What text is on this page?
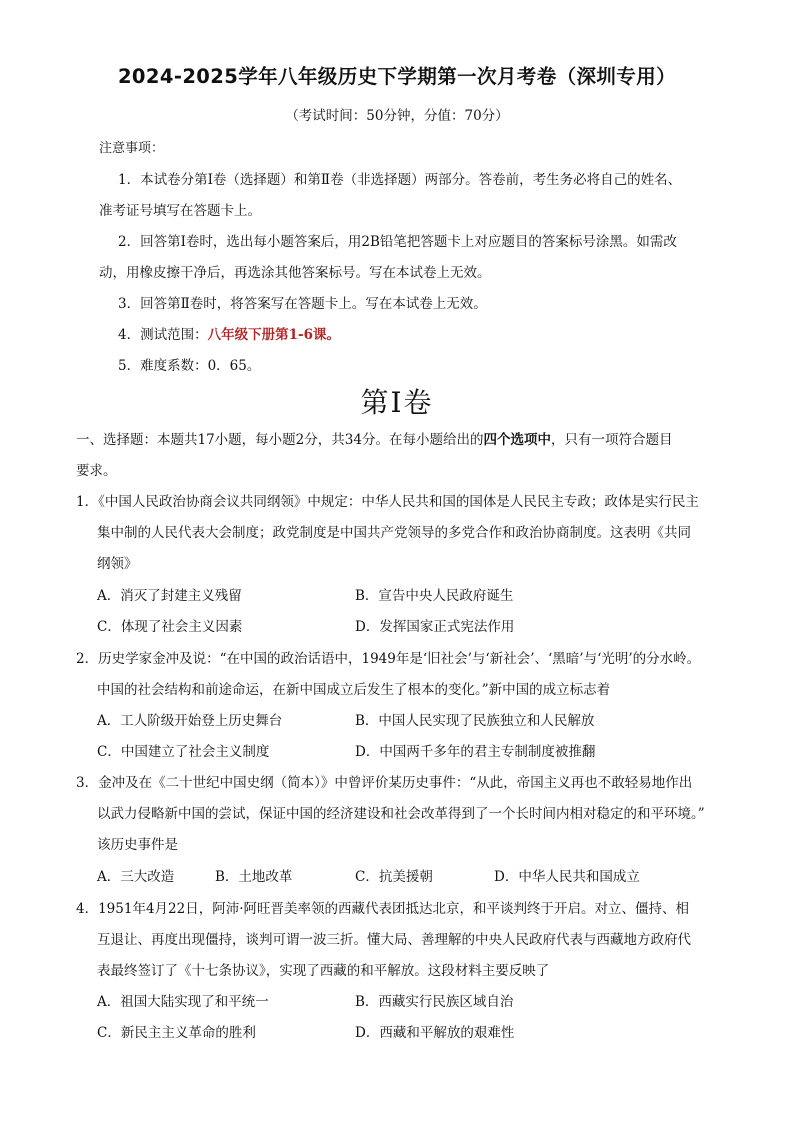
2024-2025学年八年级历史下学期第一次月考卷（深圳专用）
（考试时间：50分钟，分值：70分）
注意事项：
1．本试卷分第Ⅰ卷（选择题）和第Ⅱ卷（非选择题）两部分。答卷前，考生务必将自己的姓名、
准考证号填写在答题卡上。
2．回答第Ⅰ卷时，选出每小题答案后，用2B铅笔把答题卡上对应题目的答案标号涂黑。如需改
动，用橡皮擦干净后，再选涂其他答案标号。写在本试卷上无效。
3．回答第Ⅱ卷时，将答案写在答题卡上。写在本试卷上无效。
4．测试范围：八年级下册第1-6课。
5．难度系数：0．65。
第Ⅰ卷
一、选择题：本题共17小题，每小题2分，共34分。在每小题给出的四个选项中，只有一项符合题目
要求。
1．《中国人民政治协商会议共同纲领》中规定：中华人民共和国的国体是人民民主专政；政体是实行民主
集中制的人民代表大会制度；政党制度是中国共产党领导的多党合作和政治协商制度。这表明《共同
纲领》
A．消灭了封建主义残留	B．宣告中央人民政府诞生
C．体现了社会主义因素	D．发挥国家正式宪法作用
2．历史学家金冲及说：“在中国的政治话语中，1949年是‘旧社会’与‘新社会’、‘黑暗’与‘光明’的分水岭。
中国的社会结构和前途命运，在新中国成立后发生了根本的变化。”新中国的成立标志着
A．工人阶级开始登上历史舞台	B．中国人民实现了民族独立和人民解放
C．中国建立了社会主义制度	D．中国两千多年的君主专制制度被推翻
3．金冲及在《二十世纪中国史纲（简本）》中曾评价某历史事件：“从此，帝国主义再也不敢轻易地作出
以武力侵略新中国的尝试，保证中国的经济建设和社会改革得到了一个长时间内相对稳定的和平环境。”
该历史事件是
A．三大改造	B．土地改革	C．抗美援朝	D．中华人民共和国成立
4．1951年4月22日，阿沛·阿旺晋美率领的西藏代表团抵达北京，和平谈判终于开启。对立、僵持、相
互退让、再度出现僵持，谈判可谓一波三折。懂大局、善理解的中央人民政府代表与西藏地方政府代
表最终签订了《十七条协议》，实现了西藏的和平解放。这段材料主要反映了
A．祖国大陆实现了和平统一	B．西藏实行民族区域自治
C．新民主主义革命的胜利	D．西藏和平解放的艰难性
